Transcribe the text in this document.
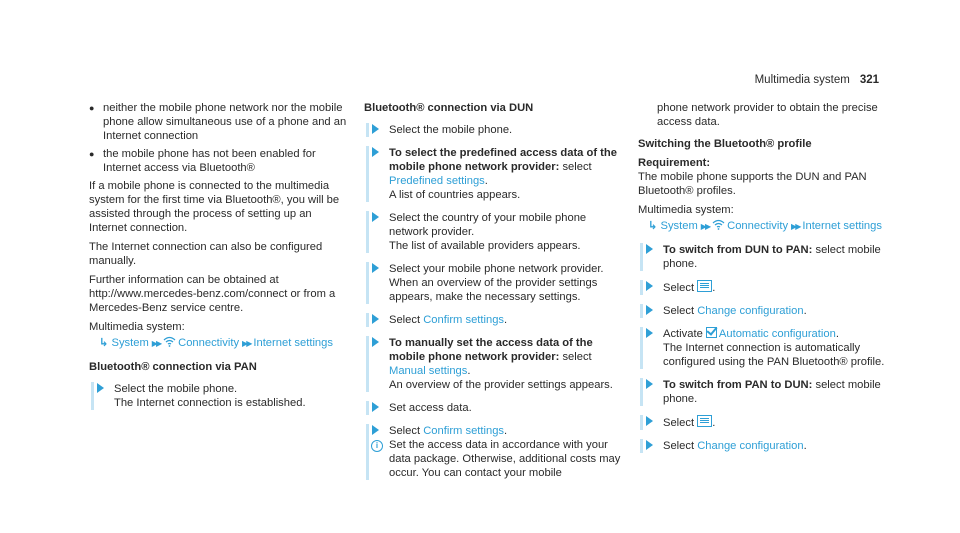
Multimedia system 321
● neither the mobile phone network nor the mobile phone allow simultaneous use of a phone and an Internet connection
● the mobile phone has not been enabled for Internet access via Bluetooth®

If a mobile phone is connected to the multimedia system for the first time via Bluetooth®, you will be assisted through the process of setting up an Internet connection.

The Internet connection can also be configured manually.

Further information can be obtained at http://www.mercedes-benz.com/connect or from a Mercedes-Benz service centre.

Multimedia system:

↳ System ▶▶ Connectivity ▶▶ Internet settings

Bluetooth® connection via PAN

Select the mobile phone.
The Internet connection is established.

Bluetooth® connection via DUN

Select the mobile phone.
To select the predefined access data of the mobile phone network provider: select Predefined settings.
A list of countries appears.
Select the country of your mobile phone network provider.
The list of available providers appears.
Select your mobile phone network provider.
When an overview of the provider settings appears, make the necessary settings.
Select Confirm settings.
To manually set the access data of the mobile phone network provider: select Manual settings.
An overview of the provider settings appears.
Set access data.
Select Confirm settings.

i Set the access data in accordance with your data package. Otherwise, additional costs may occur. You can contact your mobile

phone network provider to obtain the precise access data.

Switching the Bluetooth® profile

Requirement:
The mobile phone supports the DUN and PAN Bluetooth® profiles.

Multimedia system:

↳ System ▶▶ Connectivity ▶▶ Internet settings

To switch from DUN to PAN: select mobile phone.
Select .
Select Change configuration.
Activate Automatic configuration.
The Internet connection is automatically configured using the PAN Bluetooth® profile.
To switch from PAN to DUN: select mobile phone.
Select .
Select Change configuration.
